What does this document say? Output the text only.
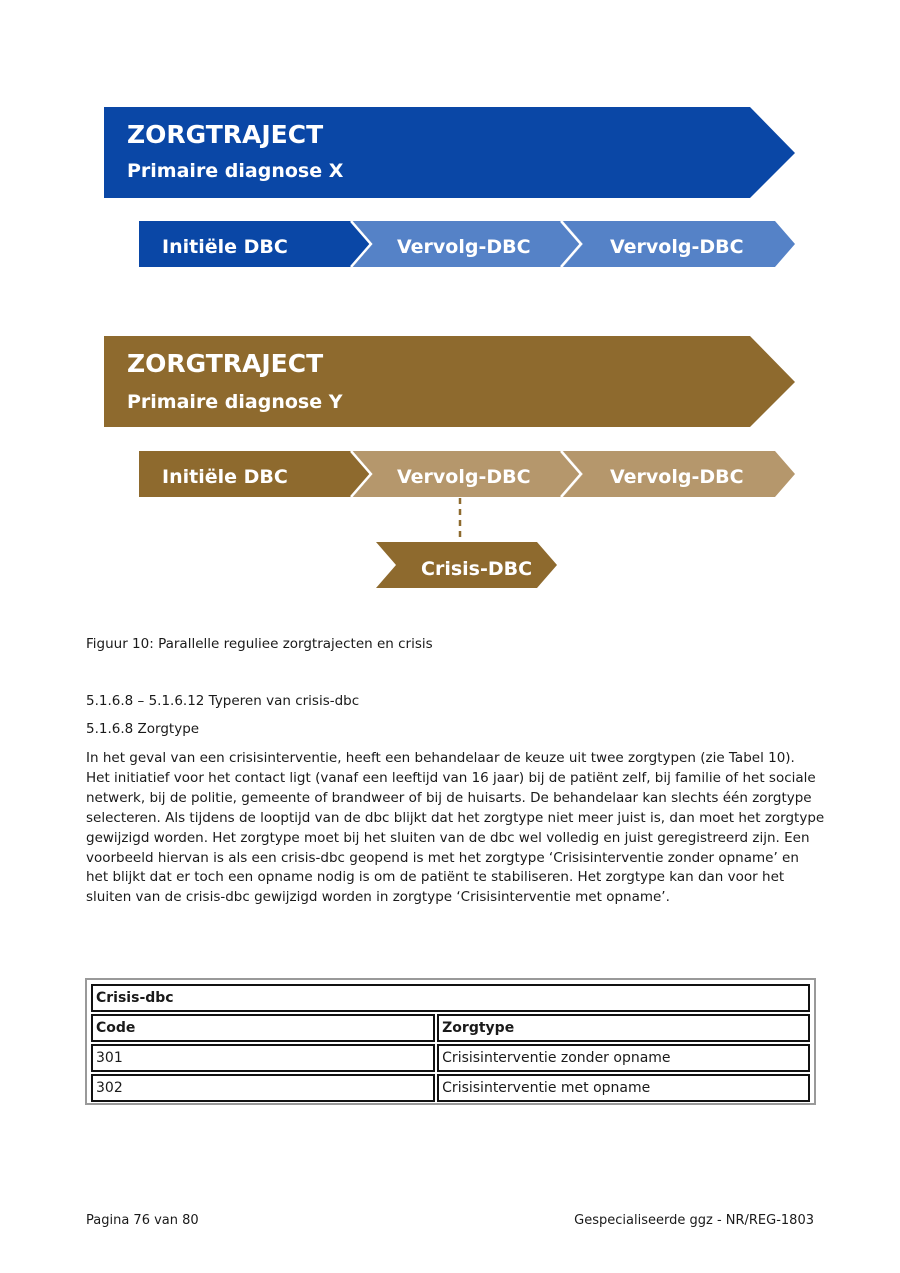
ZORGTRAJECT
Primaire diagnose X
Initiële DBC	Vervolg-DBC	Vervolg-DBC
ZORGTRAJECT
Primaire diagnose Y
Initiële DBC	Vervolg-DBC	Vervolg-DBC
Crisis-DBC
Figuur 10: Parallelle reguliee zorgtrajecten en crisis
5.1.6.8 – 5.1.6.12 Typeren van crisis-dbc
5.1.6.8 Zorgtype
In het geval van een crisisinterventie, heeft een behandelaar de keuze uit twee zorgtypen (zie Tabel 10).
Het initiatief voor het contact ligt (vanaf een leeftijd van 16 jaar) bij de patiënt zelf, bij familie of het sociale
netwerk, bij de politie, gemeente of brandweer of bij de huisarts. De behandelaar kan slechts één zorgtype
selecteren. Als tijdens de looptijd van de dbc blijkt dat het zorgtype niet meer juist is, dan moet het zorgtype
gewijzigd worden. Het zorgtype moet bij het sluiten van de dbc wel volledig en juist geregistreerd zijn. Een
voorbeeld hiervan is als een crisis-dbc geopend is met het zorgtype ‘Crisisinterventie zonder opname’ en
het blijkt dat er toch een opname nodig is om de patiënt te stabiliseren. Het zorgtype kan dan voor het
sluiten van de crisis-dbc gewijzigd worden in zorgtype ‘Crisisinterventie met opname’.
Crisis-dbc	
Code	Zorgtype
301	Crisisinterventie zonder opname
302	Crisisinterventie met opname
Pagina 76 van 80	Gespecialiseerde ggz - NR/REG-1803
